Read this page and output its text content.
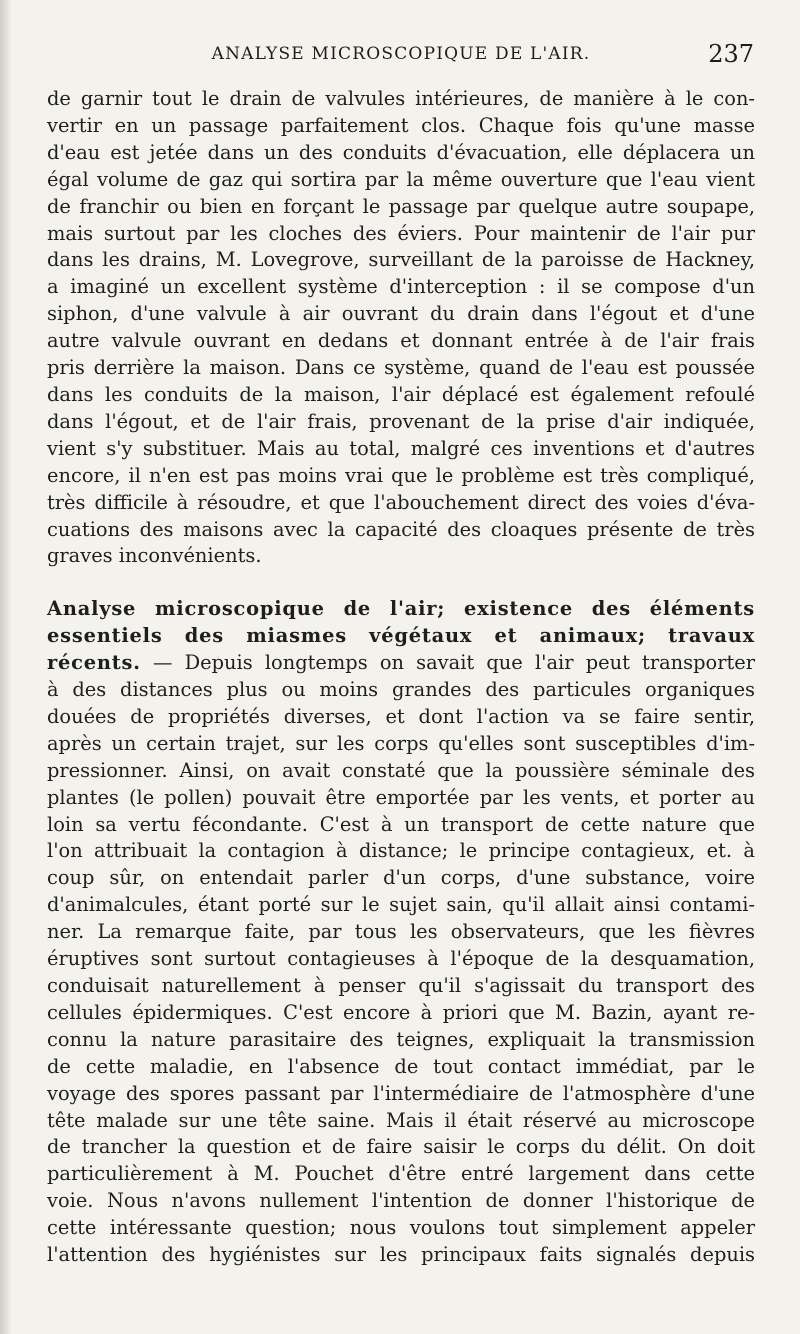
ANALYSE MICROSCOPIQUE DE L'AIR.	237

de garnir tout le drain de valvules intérieures, de manière à le con-
vertir en un passage parfaitement clos. Chaque fois qu'une masse
d'eau est jetée dans un des conduits d'évacuation, elle déplacera un
égal volume de gaz qui sortira par la même ouverture que l'eau vient
de franchir ou bien en forçant le passage par quelque autre soupape,
mais surtout par les cloches des éviers. Pour maintenir de l'air pur
dans les drains, M. Lovegrove, surveillant de la paroisse de Hackney,
a imaginé un excellent système d'interception : il se compose d'un
siphon, d'une valvule à air ouvrant du drain dans l'égout et d'une
autre valvule ouvrant en dedans et donnant entrée à de l'air frais
pris derrière la maison. Dans ce système, quand de l'eau est poussée
dans les conduits de la maison, l'air déplacé est également refoulé
dans l'égout, et de l'air frais, provenant de la prise d'air indiquée,
vient s'y substituer. Mais au total, malgré ces inventions et d'autres
encore, il n'en est pas moins vrai que le problème est très compliqué,
très difficile à résoudre, et que l'abouchement direct des voies d'éva-
cuations des maisons avec la capacité des cloaques présente de très
graves inconvénients.

Analyse microscopique de l'air; existence des éléments
essentiels des miasmes végétaux et animaux; travaux
récents. — Depuis longtemps on savait que l'air peut transporter
à des distances plus ou moins grandes des particules organiques
douées de propriétés diverses, et dont l'action va se faire sentir,
après un certain trajet, sur les corps qu'elles sont susceptibles d'im-
pressionner. Ainsi, on avait constaté que la poussière séminale des
plantes (le pollen) pouvait être emportée par les vents, et porter au
loin sa vertu fécondante. C'est à un transport de cette nature que
l'on attribuait la contagion à distance; le principe contagieux, et. à
coup sûr, on entendait parler d'un corps, d'une substance, voire
d'animalcules, étant porté sur le sujet sain, qu'il allait ainsi contami-
ner. La remarque faite, par tous les observateurs, que les fièvres
éruptives sont surtout contagieuses à l'époque de la desquamation,
conduisait naturellement à penser qu'il s'agissait du transport des
cellules épidermiques. C'est encore à priori que M. Bazin, ayant re-
connu la nature parasitaire des teignes, expliquait la transmission
de cette maladie, en l'absence de tout contact immédiat, par le
voyage des spores passant par l'intermédiaire de l'atmosphère d'une
tête malade sur une tête saine. Mais il était réservé au microscope
de trancher la question et de faire saisir le corps du délit. On doit
particulièrement à M. Pouchet d'être entré largement dans cette
voie. Nous n'avons nullement l'intention de donner l'historique de
cette intéressante question; nous voulons tout simplement appeler
l'attention des hygiénistes sur les principaux faits signalés depuis
